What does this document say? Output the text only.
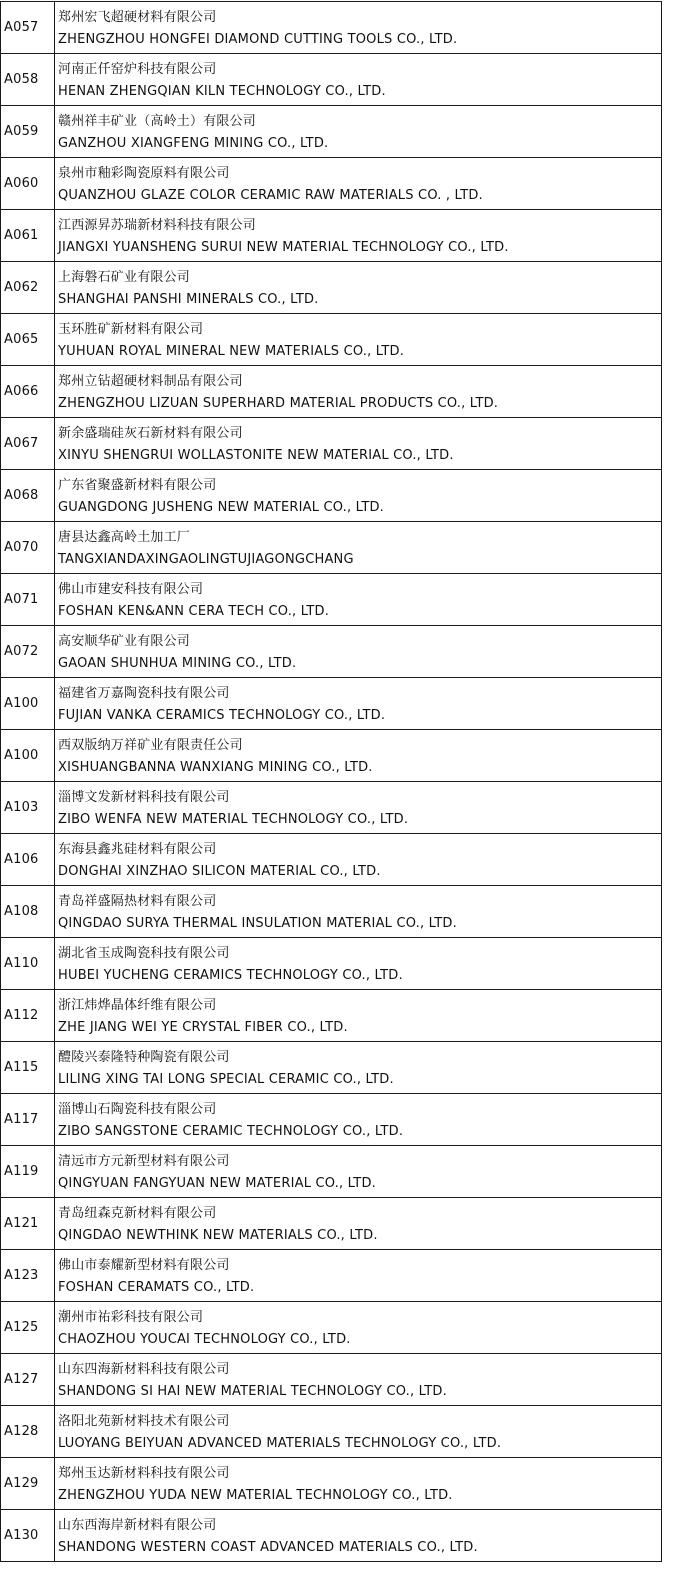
A057	郑州宏飞超硬材料有限公司
ZHENGZHOU HONGFEI DIAMOND CUTTING TOOLS CO., LTD.

A058	河南正仟窑炉科技有限公司
HENAN ZHENGQIAN KILN TECHNOLOGY CO., LTD.

A059	赣州祥丰矿业（高岭土）有限公司
GANZHOU XIANGFENG MINING CO., LTD.

A060	泉州市釉彩陶瓷原料有限公司
QUANZHOU GLAZE COLOR CERAMIC RAW MATERIALS CO. , LTD.

A061	江西源昇苏瑞新材料科技有限公司
JIANGXI YUANSHENG SURUI NEW MATERIAL TECHNOLOGY CO., LTD.

A062	上海磐石矿业有限公司
SHANGHAI PANSHI MINERALS CO., LTD.

A065	玉环胜矿新材料有限公司
YUHUAN ROYAL MINERAL NEW MATERIALS CO., LTD.

A066	郑州立钻超硬材料制品有限公司
ZHENGZHOU LIZUAN SUPERHARD MATERIAL PRODUCTS CO., LTD.

A067	新余盛瑞硅灰石新材料有限公司
XINYU SHENGRUI WOLLASTONITE NEW MATERIAL CO., LTD.

A068	广东省聚盛新材料有限公司
GUANGDONG JUSHENG NEW MATERIAL CO., LTD.

A070	唐县达鑫高岭土加工厂
TANGXIANDAXINGAOLINGTUJIAGONGCHANG

A071	佛山市建安科技有限公司
FOSHAN KEN&ANN CERA TECH CO., LTD.

A072	高安顺华矿业有限公司
GAOAN SHUNHUA MINING CO., LTD.

A100	福建省万嘉陶瓷科技有限公司
FUJIAN VANKA CERAMICS TECHNOLOGY CO., LTD.

A100	西双版纳万祥矿业有限责任公司
XISHUANGBANNA WANXIANG MINING CO., LTD.

A103	淄博文发新材料科技有限公司
ZIBO WENFA NEW MATERIAL TECHNOLOGY CO., LTD.

A106	东海县鑫兆硅材料有限公司
DONGHAI XINZHAO SILICON MATERIAL CO., LTD.

A108	青岛祥盛隔热材料有限公司
QINGDAO SURYA THERMAL INSULATION MATERIAL CO., LTD.

A110	湖北省玉成陶瓷科技有限公司
HUBEI YUCHENG CERAMICS TECHNOLOGY CO., LTD.

A112	浙江炜烨晶体纤维有限公司
ZHE JIANG WEI YE CRYSTAL FIBER CO., LTD.

A115	醴陵兴泰隆特种陶瓷有限公司
LILING XING TAI LONG SPECIAL CERAMIC CO., LTD.

A117	淄博山石陶瓷科技有限公司
ZIBO SANGSTONE CERAMIC TECHNOLOGY CO., LTD.

A119	清远市方元新型材料有限公司
QINGYUAN FANGYUAN NEW MATERIAL CO., LTD.

A121	青岛纽森克新材料有限公司
QINGDAO NEWTHINK NEW MATERIALS CO., LTD.

A123	佛山市泰耀新型材料有限公司
FOSHAN CERAMATS CO., LTD.

A125	潮州市祐彩科技有限公司
CHAOZHOU YOUCAI TECHNOLOGY CO., LTD.

A127	山东四海新材料科技有限公司
SHANDONG SI HAI NEW MATERIAL TECHNOLOGY CO., LTD.

A128	洛阳北苑新材料技术有限公司
LUOYANG BEIYUAN ADVANCED MATERIALS TECHNOLOGY CO., LTD.

A129	郑州玉达新材料科技有限公司
ZHENGZHOU YUDA NEW MATERIAL TECHNOLOGY CO., LTD.

A130	山东西海岸新材料有限公司
SHANDONG WESTERN COAST ADVANCED MATERIALS CO., LTD.
